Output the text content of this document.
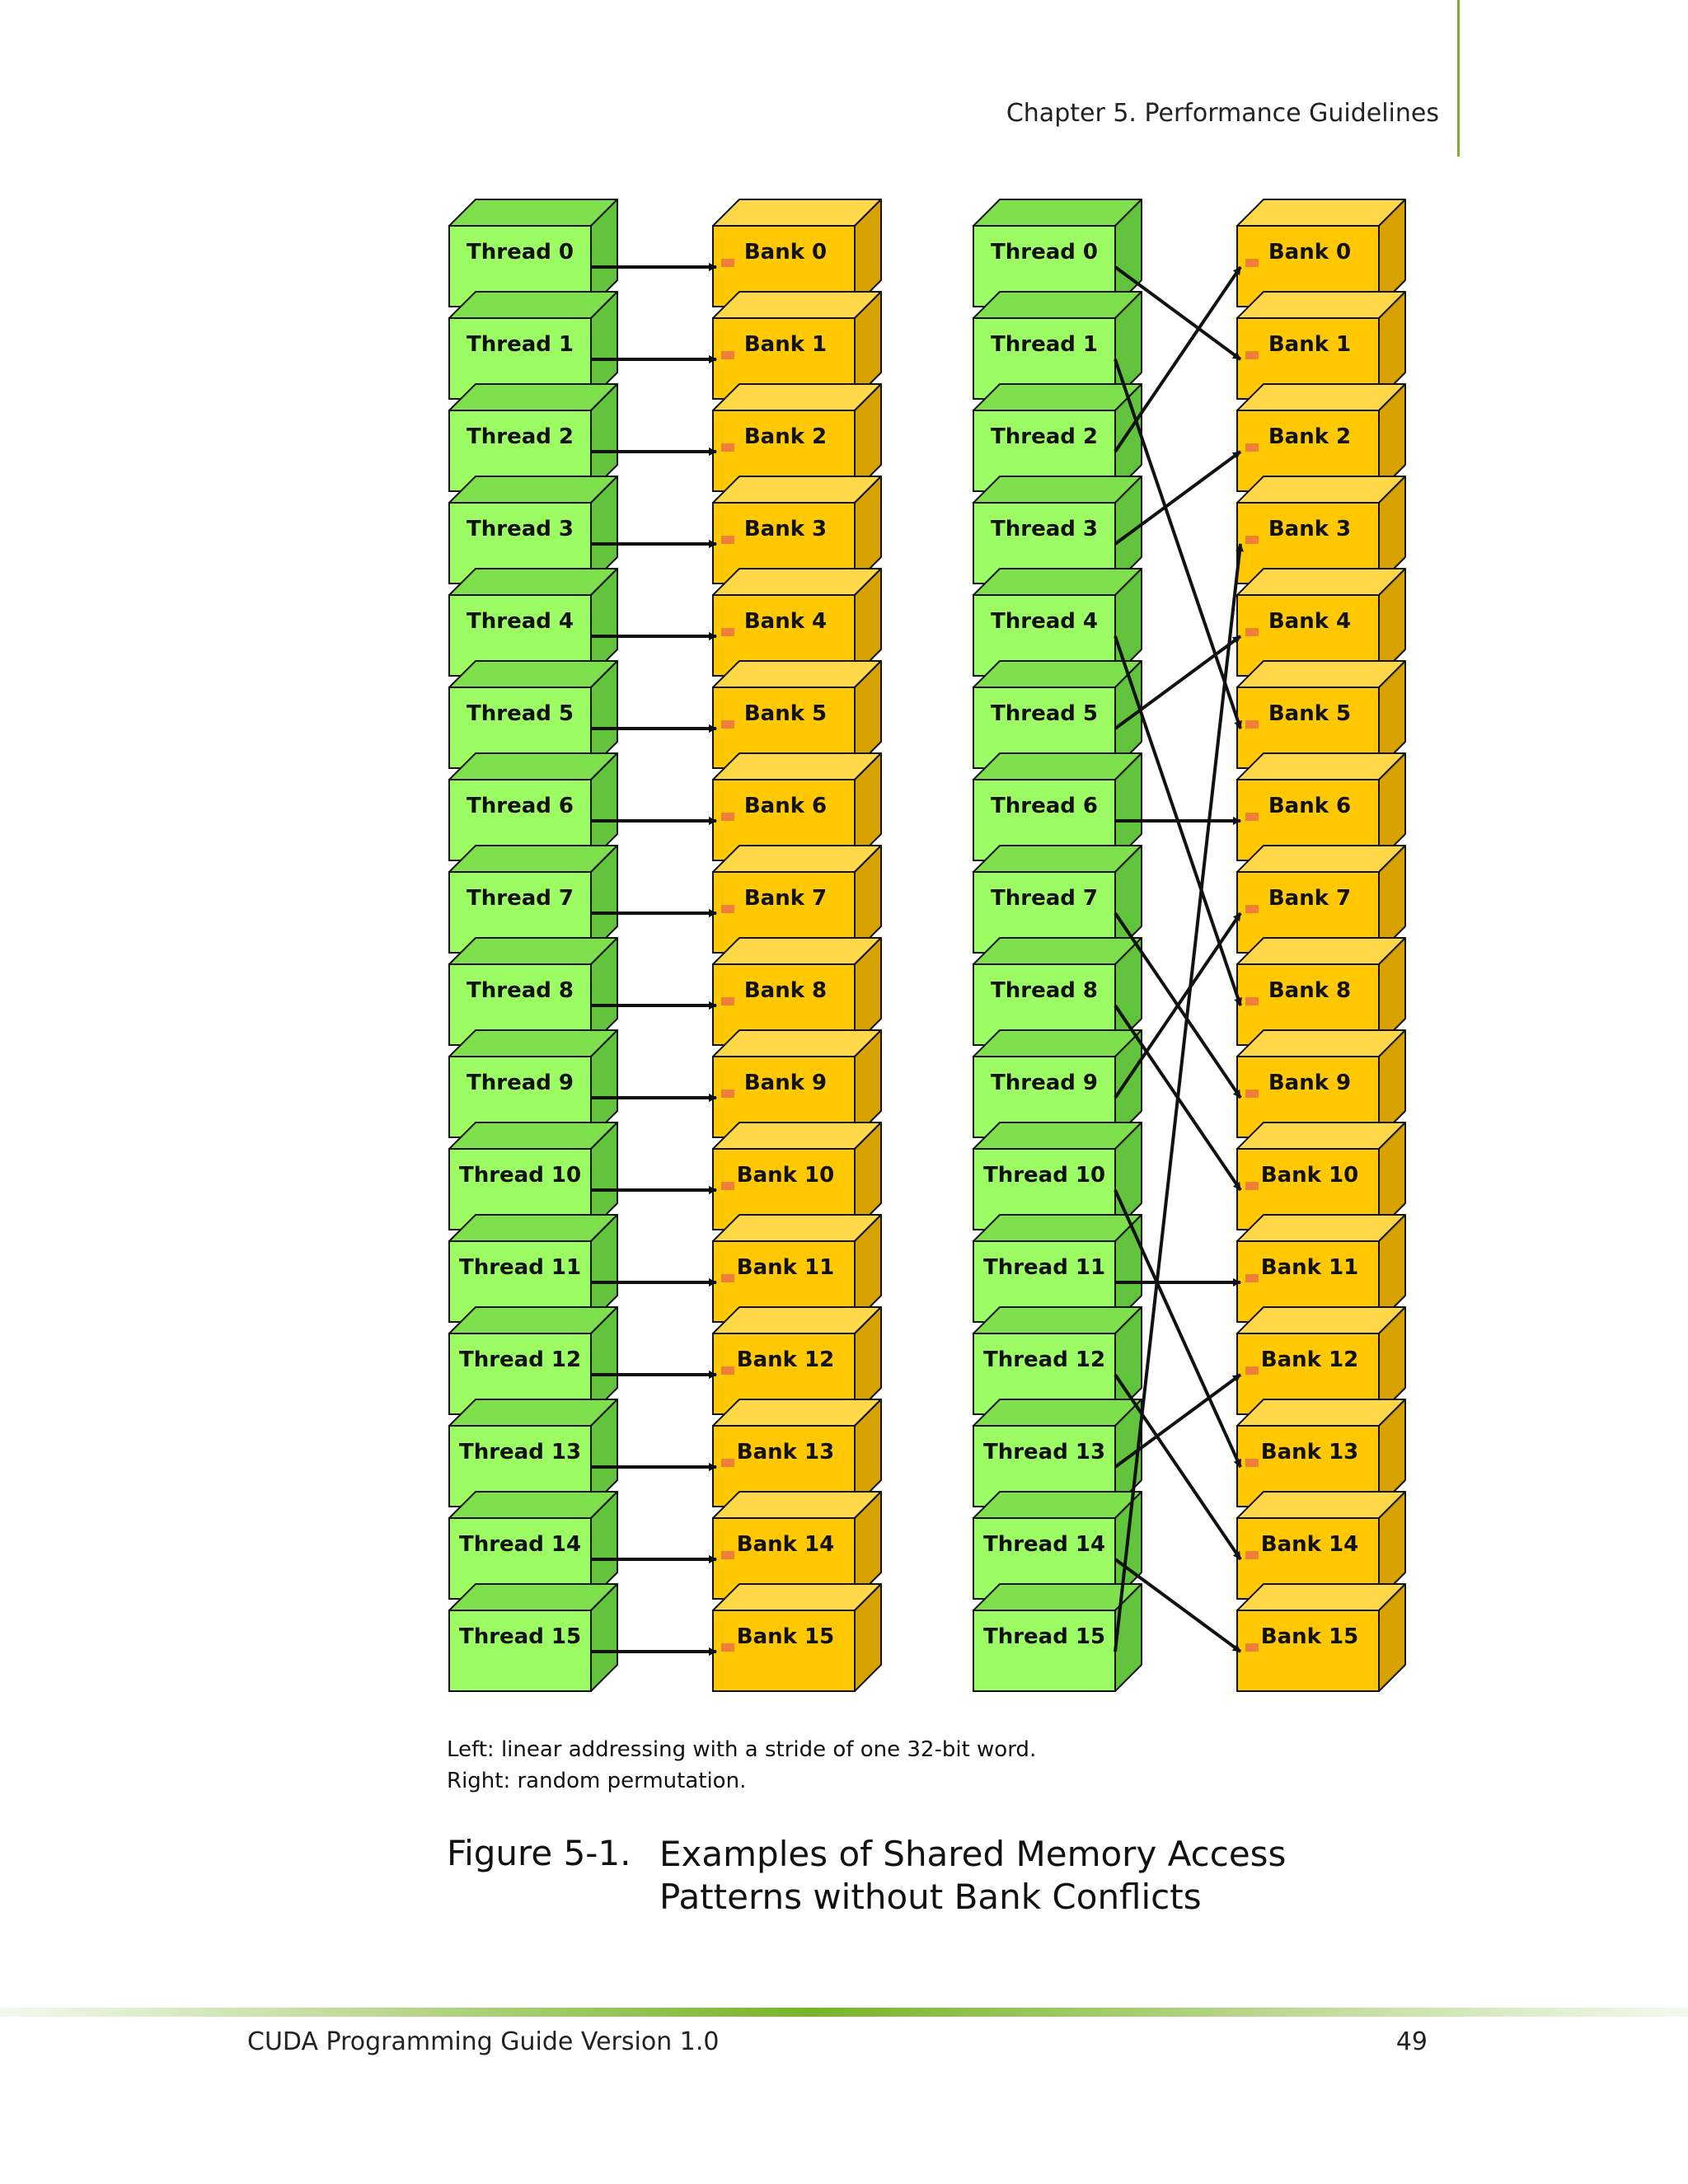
Chapter 5. Performance Guidelines
Thread 0	Bank 0
Thread 1	Bank 1
Thread 2	Bank 2
Thread 3	Bank 3
Thread 4	Bank 4
Thread 5	Bank 5
Thread 6	Bank 6
Thread 7	Bank 7
Thread 8	Bank 8
Thread 9	Bank 9
Thread 10	Bank 10
Thread 11	Bank 11
Thread 12	Bank 12
Thread 13	Bank 13
Thread 14	Bank 14
Thread 15	Bank 15
Thread 0	Bank 0
Thread 1	Bank 1
Thread 2	Bank 2
Thread 3	Bank 3
Thread 4	Bank 4
Thread 5	Bank 5
Thread 6	Bank 6
Thread 7	Bank 7
Thread 8	Bank 8
Thread 9	Bank 9
Thread 10	Bank 10
Thread 11	Bank 11
Thread 12	Bank 12
Thread 13	Bank 13
Thread 14	Bank 14
Thread 15	Bank 15
Left: linear addressing with a stride of one 32-bit word.
Right: random permutation.
Figure 5-1. Examples of Shared Memory Access Patterns without Bank Conflicts
CUDA Programming Guide Version 1.0	49
